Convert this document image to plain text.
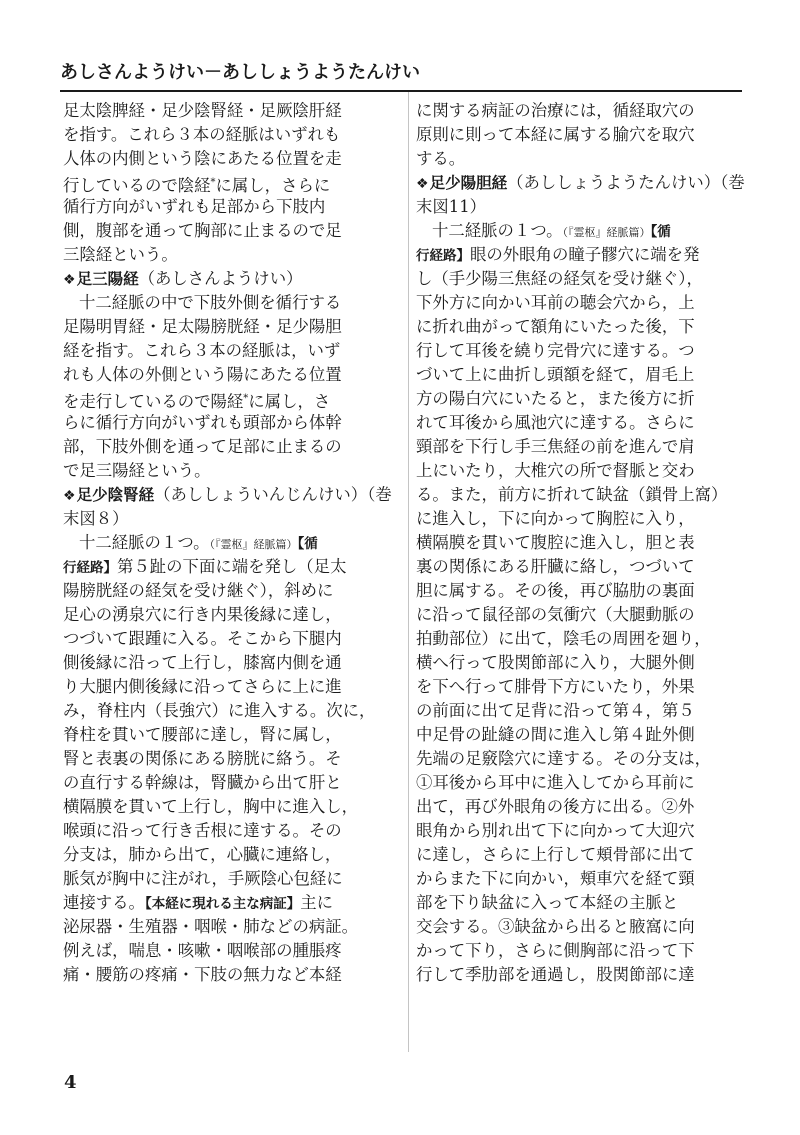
あしさんようけい－あししょうようたんけい
足太陰脾経・足少陰腎経・足厥陰肝経
を指す。これら３本の経脈はいずれも
人体の内側という陰にあたる位置を走
行しているので陰経*に属し，さらに
循行方向がいずれも足部から下肢内
側，腹部を通って胸部に止まるので足
三陰経という。
❖足三陽経（あしさんようけい）
十二経脈の中で下肢外側を循行する
足陽明胃経・足太陽膀胱経・足少陽胆
経を指す。これら３本の経脈は，いず
れも人体の外側という陽にあたる位置
を走行しているので陽経*に属し，さ
らに循行方向がいずれも頭部から体幹
部，下肢外側を通って足部に止まるの
で足三陽経という。
❖足少陰腎経（あししょういんじんけい）（巻
末図８）
十二経脈の１つ。（『霊枢』経脈篇）【循
行経路】第５趾の下面に端を発し（足太
陽膀胱経の経気を受け継ぐ），斜めに
足心の湧泉穴に行き内果後縁に達し，
つづいて跟踵に入る。そこから下腿内
側後縁に沿って上行し，膝窩内側を通
り大腿内側後縁に沿ってさらに上に進
み，脊柱内（長強穴）に進入する。次に，
脊柱を貫いて腰部に達し，腎に属し，
腎と表裏の関係にある膀胱に絡う。そ
の直行する幹線は，腎臓から出て肝と
横隔膜を貫いて上行し，胸中に進入し，
喉頭に沿って行き舌根に達する。その
分支は，肺から出て，心臓に連絡し，
脈気が胸中に注がれ，手厥陰心包経に
連接する。【本経に現れる主な病証】主に
泌尿器・生殖器・咽喉・肺などの病証。
例えば，喘息・咳嗽・咽喉部の腫脹疼
痛・腰筋の疼痛・下肢の無力など本経
に関する病証の治療には，循経取穴の
原則に則って本経に属する腧穴を取穴
する。
❖足少陽胆経（あししょうようたんけい）（巻
末図11）
十二経脈の１つ。（『霊枢』経脈篇）【循
行経路】眼の外眼角の瞳子髎穴に端を発
し（手少陽三焦経の経気を受け継ぐ），
下外方に向かい耳前の聴会穴から，上
に折れ曲がって額角にいたった後，下
行して耳後を繞り完骨穴に達する。つ
づいて上に曲折し頭額を経て，眉毛上
方の陽白穴にいたると，また後方に折
れて耳後から風池穴に達する。さらに
頸部を下行し手三焦経の前を進んで肩
上にいたり，大椎穴の所で督脈と交わ
る。また，前方に折れて缺盆（鎖骨上窩）
に進入し，下に向かって胸腔に入り，
横隔膜を貫いて腹腔に進入し，胆と表
裏の関係にある肝臓に絡し，つづいて
胆に属する。その後，再び脇肋の裏面
に沿って鼠径部の気衝穴（大腿動脈の
拍動部位）に出て，陰毛の周囲を廻り，
横へ行って股関節部に入り，大腿外側
を下へ行って腓骨下方にいたり，外果
の前面に出て足背に沿って第４，第５
中足骨の趾縫の間に進入し第４趾外側
先端の足竅陰穴に達する。その分支は，
①耳後から耳中に進入してから耳前に
出て，再び外眼角の後方に出る。②外
眼角から別れ出て下に向かって大迎穴
に達し，さらに上行して頬骨部に出て
からまた下に向かい，頬車穴を経て頸
部を下り缺盆に入って本経の主脈と
交会する。③缺盆から出ると腋窩に向
かって下り，さらに側胸部に沿って下
行して季肋部を通過し，股関節部に達
4
